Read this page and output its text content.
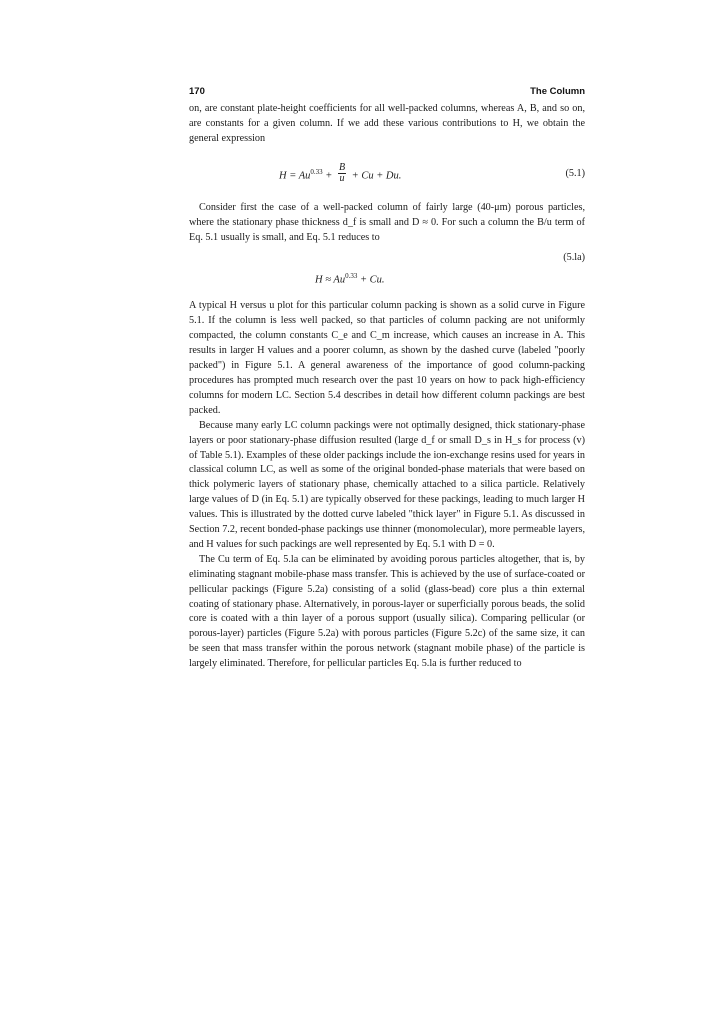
170	The Column

on, are constant plate-height coefficients for all well-packed columns, whereas A, B, and so on, are constants for a given column. If we add these various contributions to H, we obtain the general expression

$H = Au^{0.33} + \frac{B}{u} + Cu + Du$.	(5.1)

Consider first the case of a well-packed column of fairly large (40-μm) porous particles, where the stationary phase thickness d_f is small and D ≈ 0. For such a column the B/u term of Eq. 5.1 usually is small, and Eq. 5.1 reduces to

(5.la)
$H \approx Au^{0.33} + Cu$.

A typical H versus u plot for this particular column packing is shown as a solid curve in Figure 5.1. If the column is less well packed, so that particles of column packing are not uniformly compacted, the column constants C_e and C_m increase, which causes an increase in A. This results in larger H values and a poorer column, as shown by the dashed curve (labeled "poorly packed") in Figure 5.1. A general awareness of the importance of good column-packing procedures has prompted much research over the past 10 years on how to pack high-efficiency columns for modern LC. Section 5.4 describes in detail how different column packings are best packed.

Because many early LC column packings were not optimally designed, thick stationary-phase layers or poor stationary-phase diffusion resulted (large d_f or small D_s in H_s for process (v) of Table 5.1). Examples of these older packings include the ion-exchange resins used for years in classical column LC, as well as some of the original bonded-phase materials that were based on thick polymeric layers of stationary phase, chemically attached to a silica particle. Relatively large values of D (in Eq. 5.1) are typically observed for these packings, leading to much larger H values. This is illustrated by the dotted curve labeled "thick layer" in Figure 5.1. As discussed in Section 7.2, recent bonded-phase packings use thinner (monomolecular), more permeable layers, and H values for such packings are well represented by Eq. 5.1 with D = 0.

The Cu term of Eq. 5.la can be eliminated by avoiding porous particles altogether, that is, by eliminating stagnant mobile-phase mass transfer. This is achieved by the use of surface-coated or pellicular packings (Figure 5.2a) consisting of a solid (glass-bead) core plus a thin external coating of stationary phase. Alternatively, in porous-layer or superficially porous beads, the solid core is coated with a thin layer of a porous support (usually silica). Comparing pellicular (or porous-layer) particles (Figure 5.2a) with porous particles (Figure 5.2c) of the same size, it can be seen that mass transfer within the porous network (stagnant mobile phase) of the particle is largely eliminated. Therefore, for pellicular particles Eq. 5.la is further reduced to
